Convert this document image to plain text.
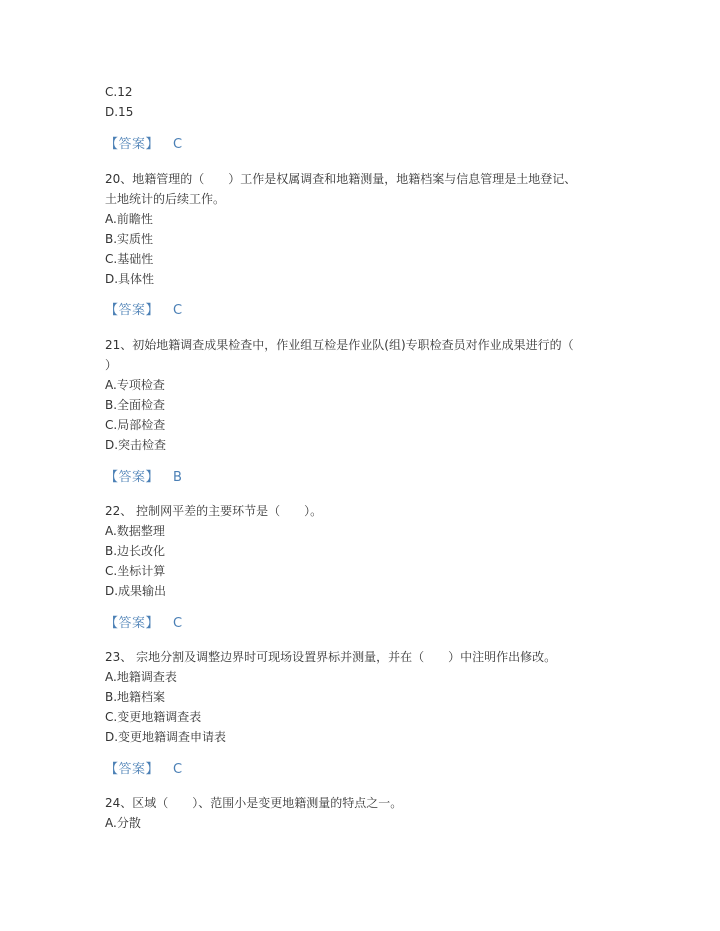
C.12
D.15
【答案】 C
20、地籍管理的（　　）工作是权属调查和地籍测量，地籍档案与信息管理是土地登记、
土地统计的后续工作。
A.前瞻性
B.实质性
C.基础性
D.具体性
【答案】 C
21、初始地籍调查成果检查中，作业组互检是作业队(组)专职检查员对作业成果进行的（
）
A.专项检查
B.全面检查
C.局部检查
D.突击检查
【答案】 B
22、 控制网平差的主要环节是（　　）。
A.数据整理
B.边长改化
C.坐标计算
D.成果输出
【答案】 C
23、 宗地分割及调整边界时可现场设置界标并测量，并在（　　）中注明作出修改。
A.地籍调查表
B.地籍档案
C.变更地籍调查表
D.变更地籍调查申请表
【答案】 C
24、区域（　　）、范围小是变更地籍测量的特点之一。
A.分散
